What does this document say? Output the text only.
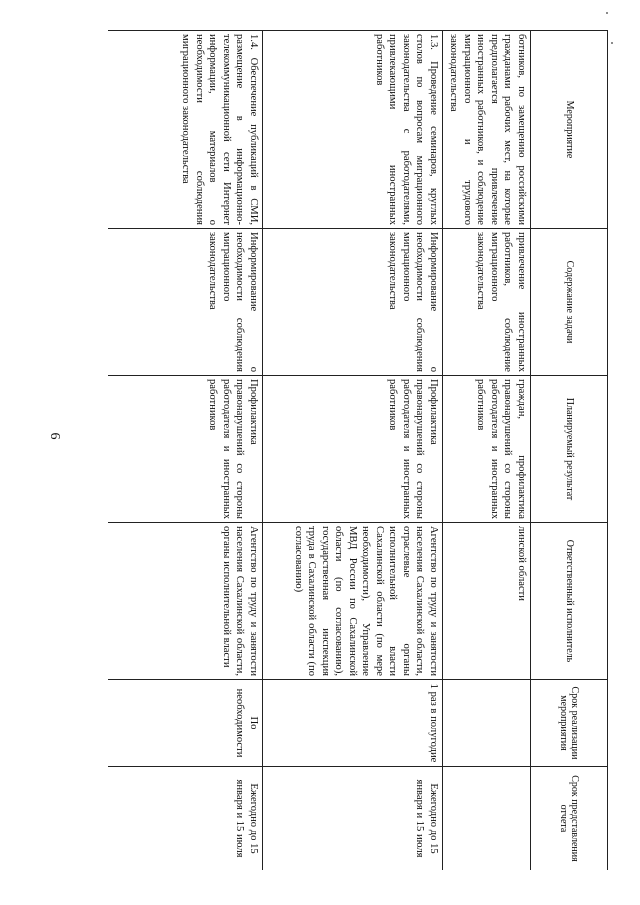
6
Мероприятие	Содержание задачи	Планируемый результат	Ответственный исполнитель	Срок реализации мероприятия	Срок представления отчета
ботников, по замещению российскими гражданами рабочих мест, на которые предполагается привлечение иностранных работников, и соблюдение миграционного и трудового законодательства	привлечение иностранных работников, соблюдение миграционного законодательства	граждан, профилактика правонарушений со стороны работодателя и иностранных работников	линской области		
1.3. Проведение семинаров, круглых столов по вопросам миграционного законодательства с работодателями, привлекающими иностранных работников	Информирование о необходимости соблюдения миграционного законодательства	Профилактика правонарушений со стороны работодателя и иностранных работников	Агентство по труду и занятости населения Сахалинской области, отраслевые органы исполнительной власти Сахалинской области (по мере необходимости), Управление МВД России по Сахалинской области (по согласованию), государственная инспекция труда в Сахалинской области (по согласованию)	1 раз в полугодие	Ежегодно до 15 января и 15 июля
1.4. Обеспечение публикаций в СМИ, размещение в информационно-телекоммуникационной сети Интернет информации, материалов о необходимости соблюдения миграционного законодательства	Информирование о необходимости соблюдения миграционного законодательства	Профилактика правонарушений со стороны работодателя и иностранных работников	Агентство по труду и занятости населения Сахалинской области, органы исполнительной власти	По необходимости	Ежегодно до 15 января и 15 июля
